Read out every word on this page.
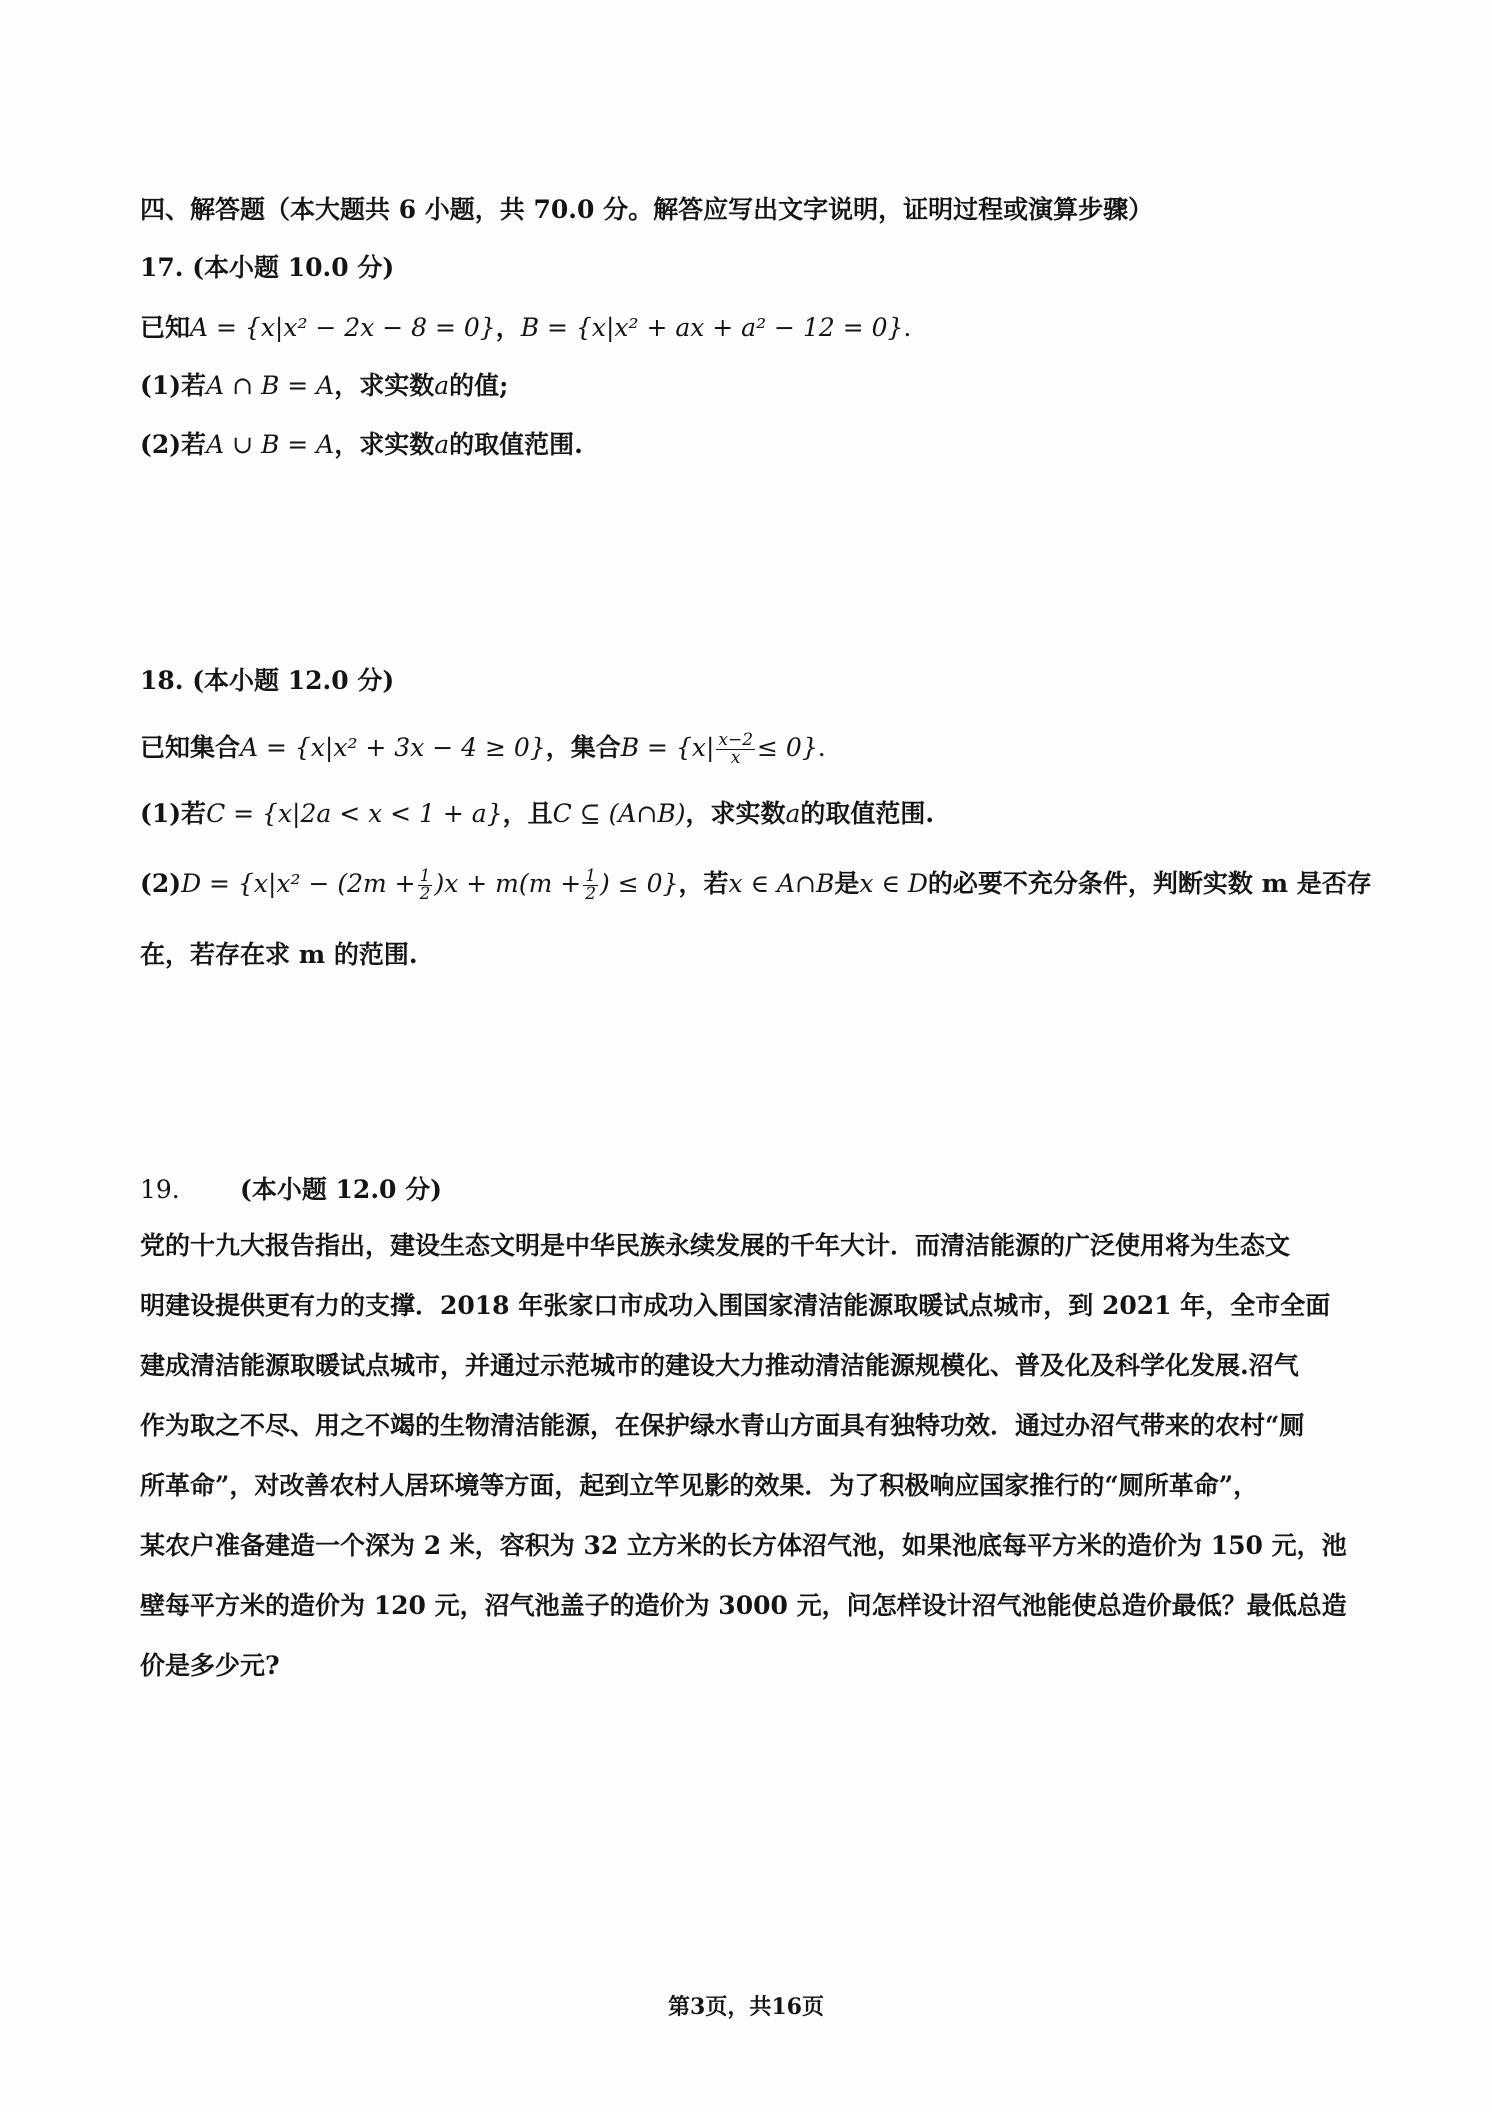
四、解答题（本大题共 6 小题，共 70.0 分。解答应写出文字说明，证明过程或演算步骤）
17. (本小题 10.0 分)
已知A = {x|x² − 2x − 8 = 0}，B = {x|x² + ax + a² − 12 = 0}.
(1)若A ∩ B = A，求实数a的值;
(2)若A ∪ B = A，求实数a的取值范围.
18. (本小题 12.0 分)
已知集合A = {x|x² + 3x − 4 ≥ 0}，集合$B = \{x| \frac{x-2}{x} \le 0\}$.
(1)若C = {x|2a < x < 1 + a}，且C ⊆ (A∩B)，求实数a的取值范围.
$(2)D = \{x|x^2 - (2m + \frac{1}{2} )x + m(m + \frac{1}{2}$ ) ≤ 0}，若x ∈ A∩B是x ∈ D的必要不充分条件，判断实数 m 是否存
在，若存在求 m 的范围.
19. (本小题 12.0 分)
党的十九大报告指出，建设生态文明是中华民族永续发展的千年大计．而清洁能源的广泛使用将为生态文
明建设提供更有力的支撑．2018 年张家口市成功入围国家清洁能源取暖试点城市，到 2021 年，全市全面
建成清洁能源取暖试点城市，并通过示范城市的建设大力推动清洁能源规模化、普及化及科学化发展.沼气
作为取之不尽、用之不竭的生物清洁能源，在保护绿水青山方面具有独特功效．通过办沼气带来的农村“厕
所革命”，对改善农村人居环境等方面，起到立竿见影的效果．为了积极响应国家推行的“厕所革命”，
某农户准备建造一个深为 2 米，容积为 32 立方米的长方体沼气池，如果池底每平方米的造价为 150 元，池
壁每平方米的造价为 120 元，沼气池盖子的造价为 3000 元，问怎样设计沼气池能使总造价最低？最低总造
价是多少元?
第3页，共16页
